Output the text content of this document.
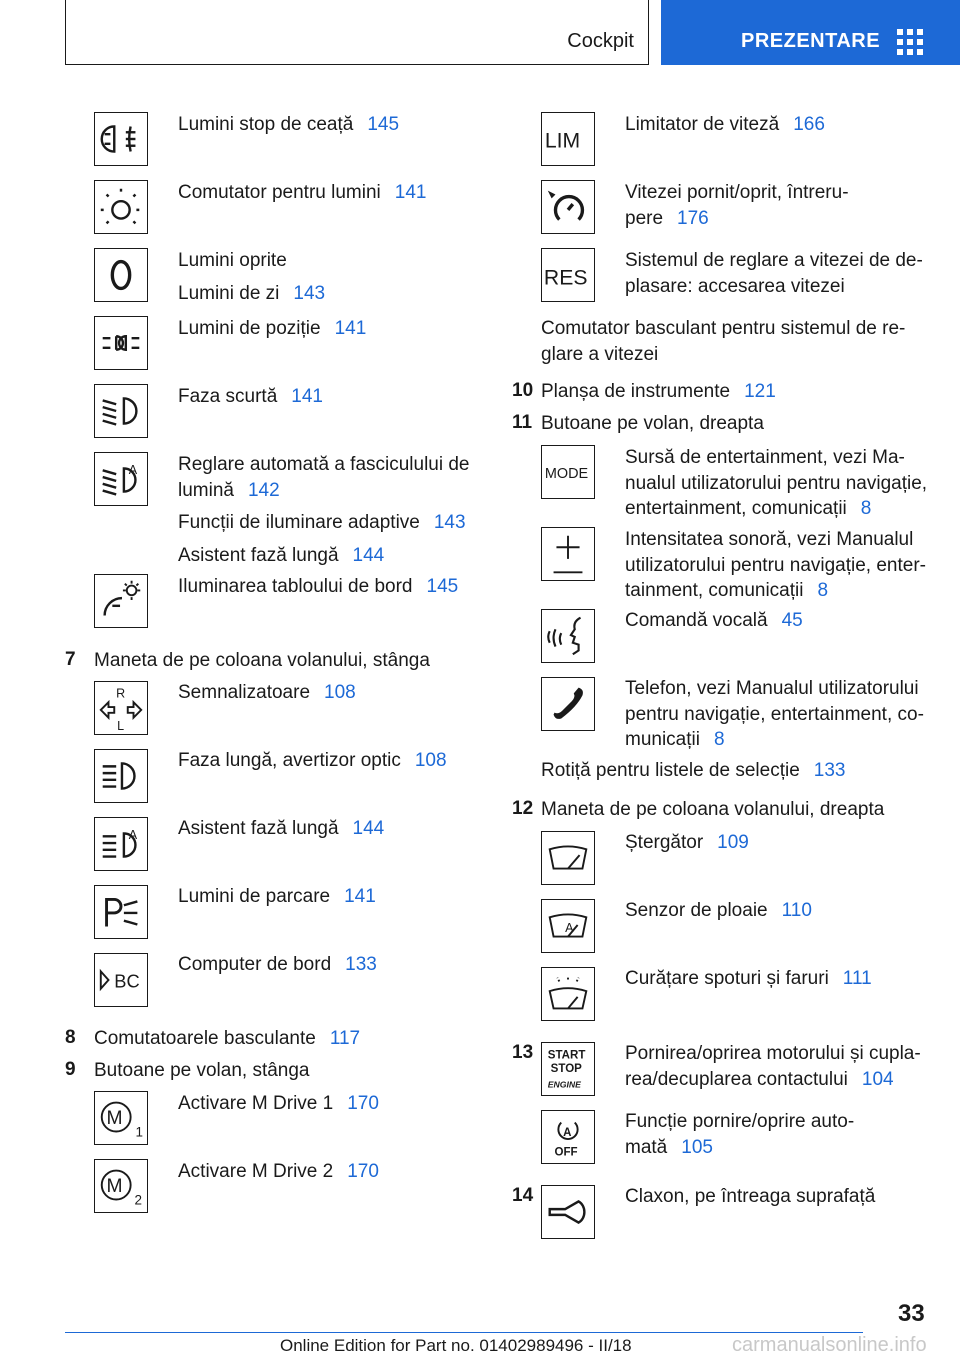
Cockpit	PREZENTARE
Lumini stop de ceață 145
Comutator pentru lumini 141
Lumini oprite
Lumini de zi 143
Lumini de poziție 141
Faza scurtă 141
A Reglare automată a fasciculului de
lumină 142
Funcții de iluminare adaptive 143
Asistent fază lungă 144
Iluminarea tabloului de bord 145
7 Maneta de pe coloana volanului, stânga
R
L
Semnalizatoare 108
Faza lungă, avertizor optic 108
A Asistent fază lungă 144
Lumini de parcare 141
BC
Computer de bord 133
8 Comutatoarele basculante 117
9 Butoane pe volan, stânga
M
1
Activare M Drive 1 170
M
2
Activare M Drive 2 170
LIM
Limitator de viteză 166
Vitezei pornit/oprit, întreru-
pere 176
RES
Sistemul de reglare a vitezei de de-
plasare: accesarea vitezei
Comutator basculant pentru sistemul de re-
glare a vitezei
10 Planșa de instrumente 121
11 Butoane pe volan, dreapta
MODE
Sursă de entertainment, vezi Ma-
nualul utilizatorului pentru navigație,
entertainment, comunicații 8
Intensitatea sonoră, vezi Manualul
utilizatorului pentru navigație, enter-
tainment, comunicații 8
Comandă vocală 45
Telefon, vezi Manualul utilizatorului
pentru navigație, entertainment, co-
municații 8
Rotiță pentru listele de selecție 133
12 Maneta de pe coloana volanului, dreapta
Ștergător 109
A
Senzor de ploaie 110
Curățare spoturi și faruri 111
13 START
STOP
ENGINE
Pornirea/oprirea motorului și cupla-
rea/decuplarea contactului 104
A
OFF
Funcție pornire/oprire auto-
mată 105
14	Claxon, pe întreaga suprafață
33
Online Edition for Part no. 01402989496 - II/18	carmanualsonline.info
